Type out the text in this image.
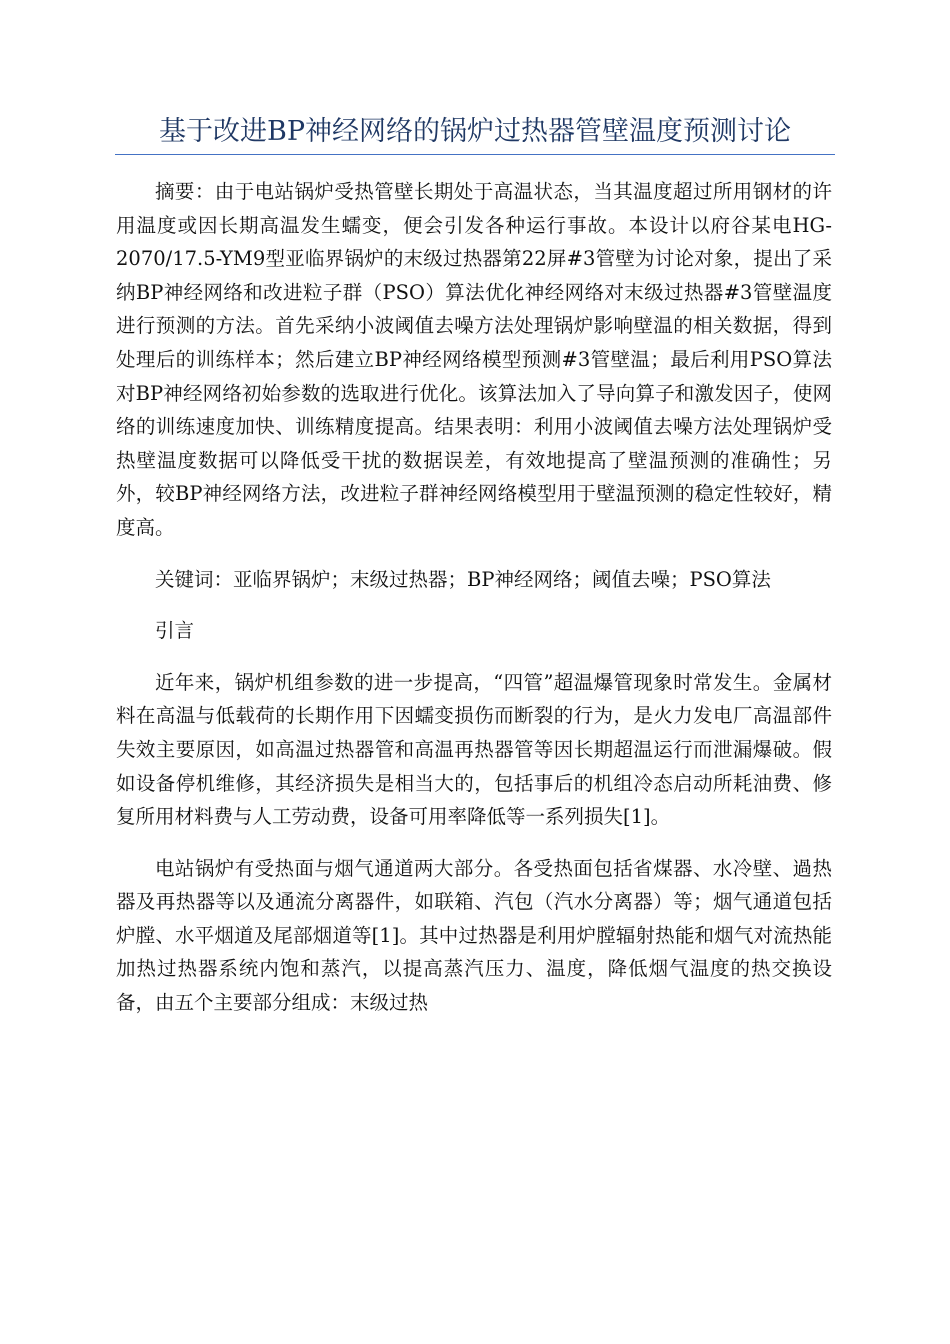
基于改进BP神经网络的锅炉过热器管壁温度预测讨论

摘要：由于电站锅炉受热管壁长期处于高温状态，当其温度超过所用钢材的许用温度或因长期高温发生蠕变，便会引发各种运行事故。本设计以府谷某电HG-2070/17.5-YM9型亚临界锅炉的末级过热器第22屏#3管壁为讨论对象，提出了采纳BP神经网络和改进粒子群（PSO）算法优化神经网络对末级过热器#3管壁温度进行预测的方法。首先采纳小波阈值去噪方法处理锅炉影响壁温的相关数据，得到处理后的训练样本；然后建立BP神经网络模型预测#3管壁温；最后利用PSO算法对BP神经网络初始参数的选取进行优化。该算法加入了导向算子和激发因子，使网络的训练速度加快、训练精度提高。结果表明：利用小波阈值去噪方法处理锅炉受热壁温度数据可以降低受干扰的数据误差，有效地提高了壁温预测的准确性；另外，较BP神经网络方法，改进粒子群神经网络模型用于壁温预测的稳定性较好，精度高。

关键词：亚临界锅炉；末级过热器；BP神经网络；阈值去噪；PSO算法

引言

近年来，锅炉机组参数的进一步提高，“四管”超温爆管现象时常发生。金属材料在高温与低载荷的长期作用下因蠕变损伤而断裂的行为，是火力发电厂高温部件失效主要原因，如高温过热器管和高温再热器管等因长期超温运行而泄漏爆破。假如设备停机维修，其经济损失是相当大的，包括事后的机组冷态启动所耗油费、修复所用材料费与人工劳动费，设备可用率降低等一系列损失[1]。

电站锅炉有受热面与烟气通道两大部分。各受热面包括省煤器、水冷壁、過热器及再热器等以及通流分离器件，如联箱、汽包（汽水分离器）等；烟气通道包括炉膛、水平烟道及尾部烟道等[1]。其中过热器是利用炉膛辐射热能和烟气对流热能加热过热器系统内饱和蒸汽，以提高蒸汽压力、温度，降低烟气温度的热交换设备，由五个主要部分组成：末级过热
